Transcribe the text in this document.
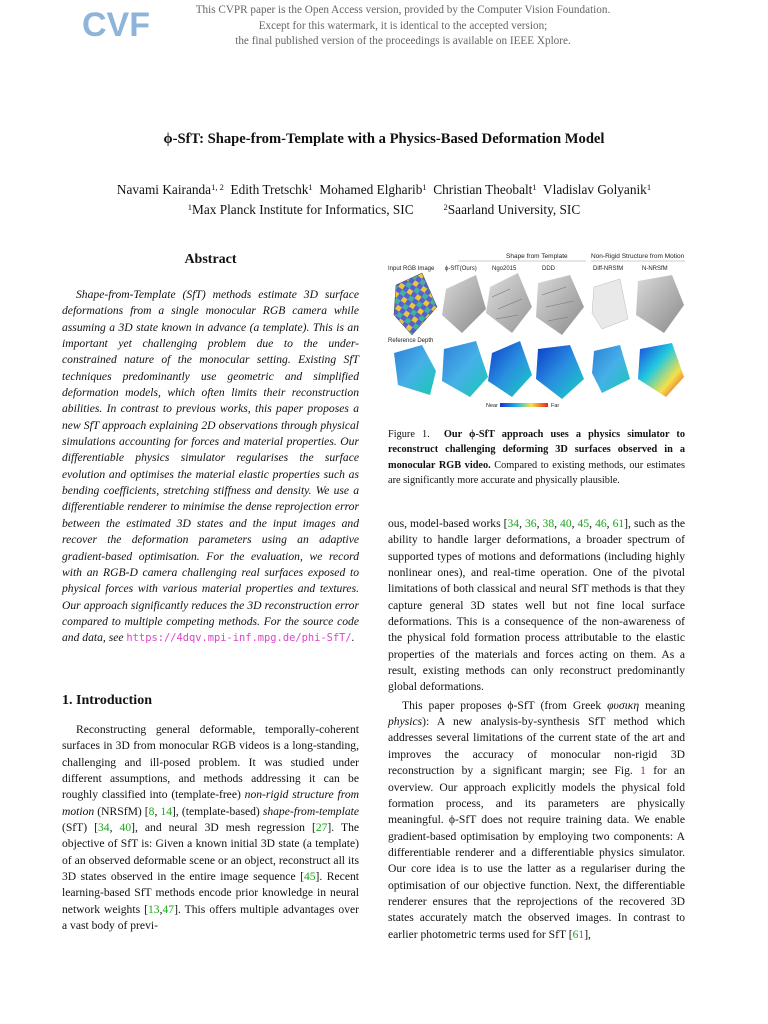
CVF	This CVPR paper is the Open Access version, provided by the Computer Vision Foundation.
Except for this watermark, it is identical to the accepted version;
the final published version of the proceedings is available on IEEE Xplore.
ϕ-SfT: Shape-from-Template with a Physics-Based Deformation Model
Navami Kairanda$^{1, 2}$ Edith Tretschk$^1$ Mohamed Elgharib$^1$ Christian Theobalt$^1$ Vladislav Golyanik$^1$
$^1$Max Planck Institute for Informatics, SIC	$^2$Saarland University, SIC
Abstract

Shape-from-Template (SfT) methods estimate 3D surface deformations from a single monocular RGB camera while assuming a 3D state known in advance (a template). This is an important yet challenging problem due to the under-constrained nature of the monocular setting. Existing SfT techniques predominantly use geometric and simplified deformation models, which often limits their reconstruction abilities. In contrast to previous works, this paper proposes a new SfT approach explaining 2D observations through physical simulations accounting for forces and material properties. Our differentiable physics simulator regularises the surface evolution and optimises the material elastic properties such as bending coefficients, stretching stiffness and density. We use a differentiable renderer to minimise the dense reprojection error between the estimated 3D states and the input images and recover the deformation parameters using an adaptive gradient-based optimisation. For the evaluation, we record with an RGB-D camera challenging real surfaces exposed to physical forces with various material properties and textures. Our approach significantly reduces the 3D reconstruction error compared to multiple competing methods. For the source code and data, see https://4dqv.mpi-inf.mpg.de/phi-SfT/.

1. Introduction

Reconstructing general deformable, temporally-coherent surfaces in 3D from monocular RGB videos is a long-standing, challenging and ill-posed problem. It was studied under different assumptions, and methods addressing it can be roughly classified into (template-free) non-rigid structure from motion (NRSfM) [8, 14], (template-based) shape-from-template (SfT) [34, 40], and neural 3D mesh regression [27]. The objective of SfT is: Given a known initial 3D state (a template) of an observed deformable scene or an object, reconstruct all its 3D states observed in the entire image sequence [45]. Recent learning-based SfT methods encode prior knowledge in neural network weights [13,47]. This offers multiple advantages over a vast body of previ-

Shape from Template	Non-Rigid Structure from Motion
Input RGB Image ϕ-SfT(Ours)	Ngo2015	DDD	Diff-NRSfM	N-NRSfM
Reference Depth
Near	Far
Figure 1. Our ϕ-SfT approach uses a physics simulator to reconstruct challenging deforming 3D surfaces observed in a monocular RGB video. Compared to existing methods, our estimates are significantly more accurate and physically plausible.

ous, model-based works [34, 36, 38, 40, 45, 46, 61], such as the ability to handle larger deformations, a broader spectrum of supported types of motions and deformations (including highly nonlinear ones), and real-time operation. One of the pivotal limitations of both classical and neural SfT methods is that they capture general 3D states well but not fine local surface deformations. This is a consequence of the non-awareness of the physical fold formation process attributable to the elastic properties of the materials and forces acting on them. As a result, existing methods can only reconstruct predominantly global deformations.

This paper proposes ϕ-SfT (from Greek φυσικη meaning physics): A new analysis-by-synthesis SfT method which addresses several limitations of the current state of the art and improves the accuracy of monocular non-rigid 3D reconstruction by a significant margin; see Fig. 1 for an overview. Our approach explicitly models the physical fold formation process, and its parameters are physically meaningful. ϕ-SfT does not require training data. We enable gradient-based optimisation by employing two components: A differentiable renderer and a differentiable physics simulator. Our core idea is to use the latter as a regulariser during the optimisation of our objective function. Next, the differentiable renderer ensures that the reprojections of the recovered 3D states accurately match the observed images. In contrast to earlier photometric terms used for SfT [61],
